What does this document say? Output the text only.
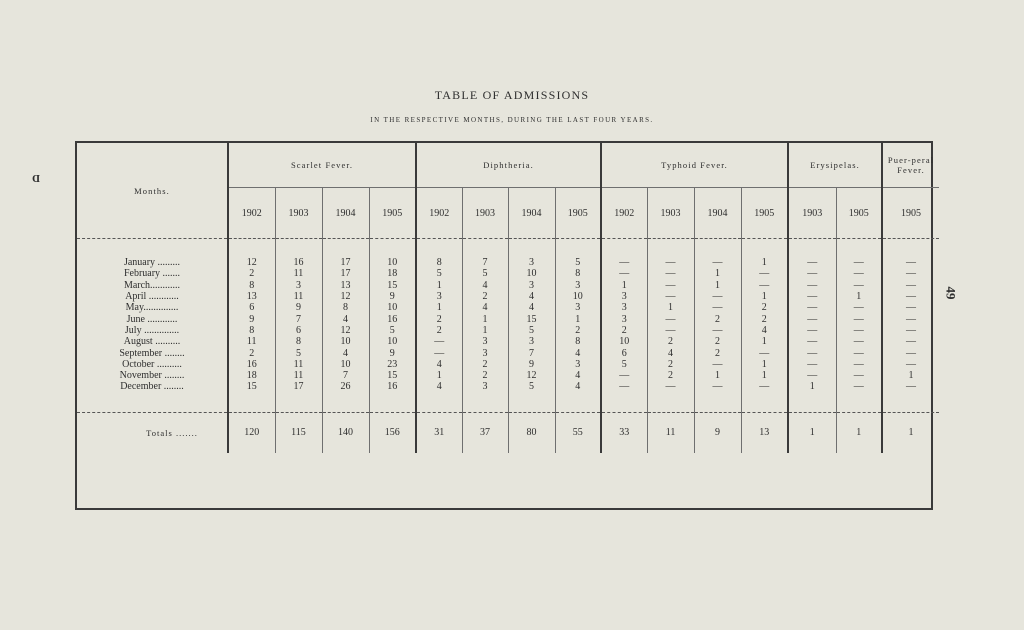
TABLE OF ADMISSIONS
IN THE RESPECTIVE MONTHS, DURING THE LAST FOUR YEARS.
D
49
Months.	Scarlet Fever.				Diphtheria.				Typhoid Fever.				Erysipelas.		Puer-peral Fever.
	1902	1903	1904	1905	1902	1903	1904	1905	1902	1903	1904	1905	1903	1905	1905

January .........	12	16	17	10	8	7	3	5	—	—	—	1	—	—	—
February .......	2	11	17	18	5	5	10	8	—	—	1	—	—	—	—
March............	8	3	13	15	1	4	3	3	1	—	1	—	—	—	—
April ............	13	11	12	9	3	2	4	10	3	—	—	1	—	1	—
May..............	6	9	8	10	1	4	4	3	3	1	—	2	—	—	—
June ............	9	7	4	16	2	1	15	1	3	—	2	2	—	—	—
July ..............	8	6	12	5	2	1	5	2	2	—	—	4	—	—	—
August ..........	11	8	10	10	—	3	3	8	10	2	2	1	—	—	—
September ........	2	5	4	9	—	3	7	4	6	4	2	—	—	—	—
October ..........	16	11	10	23	4	2	9	3	5	2	—	1	—	—	—
November ........	18	11	7	15	1	2	12	4	—	2	1	1	—	—	1
December ........	15	17	26	16	4	3	5	4	—	—	—	—	1	—	—

Totals .......	120	115	140	156	31	37	80	55	33	11	9	13	1	1	1
